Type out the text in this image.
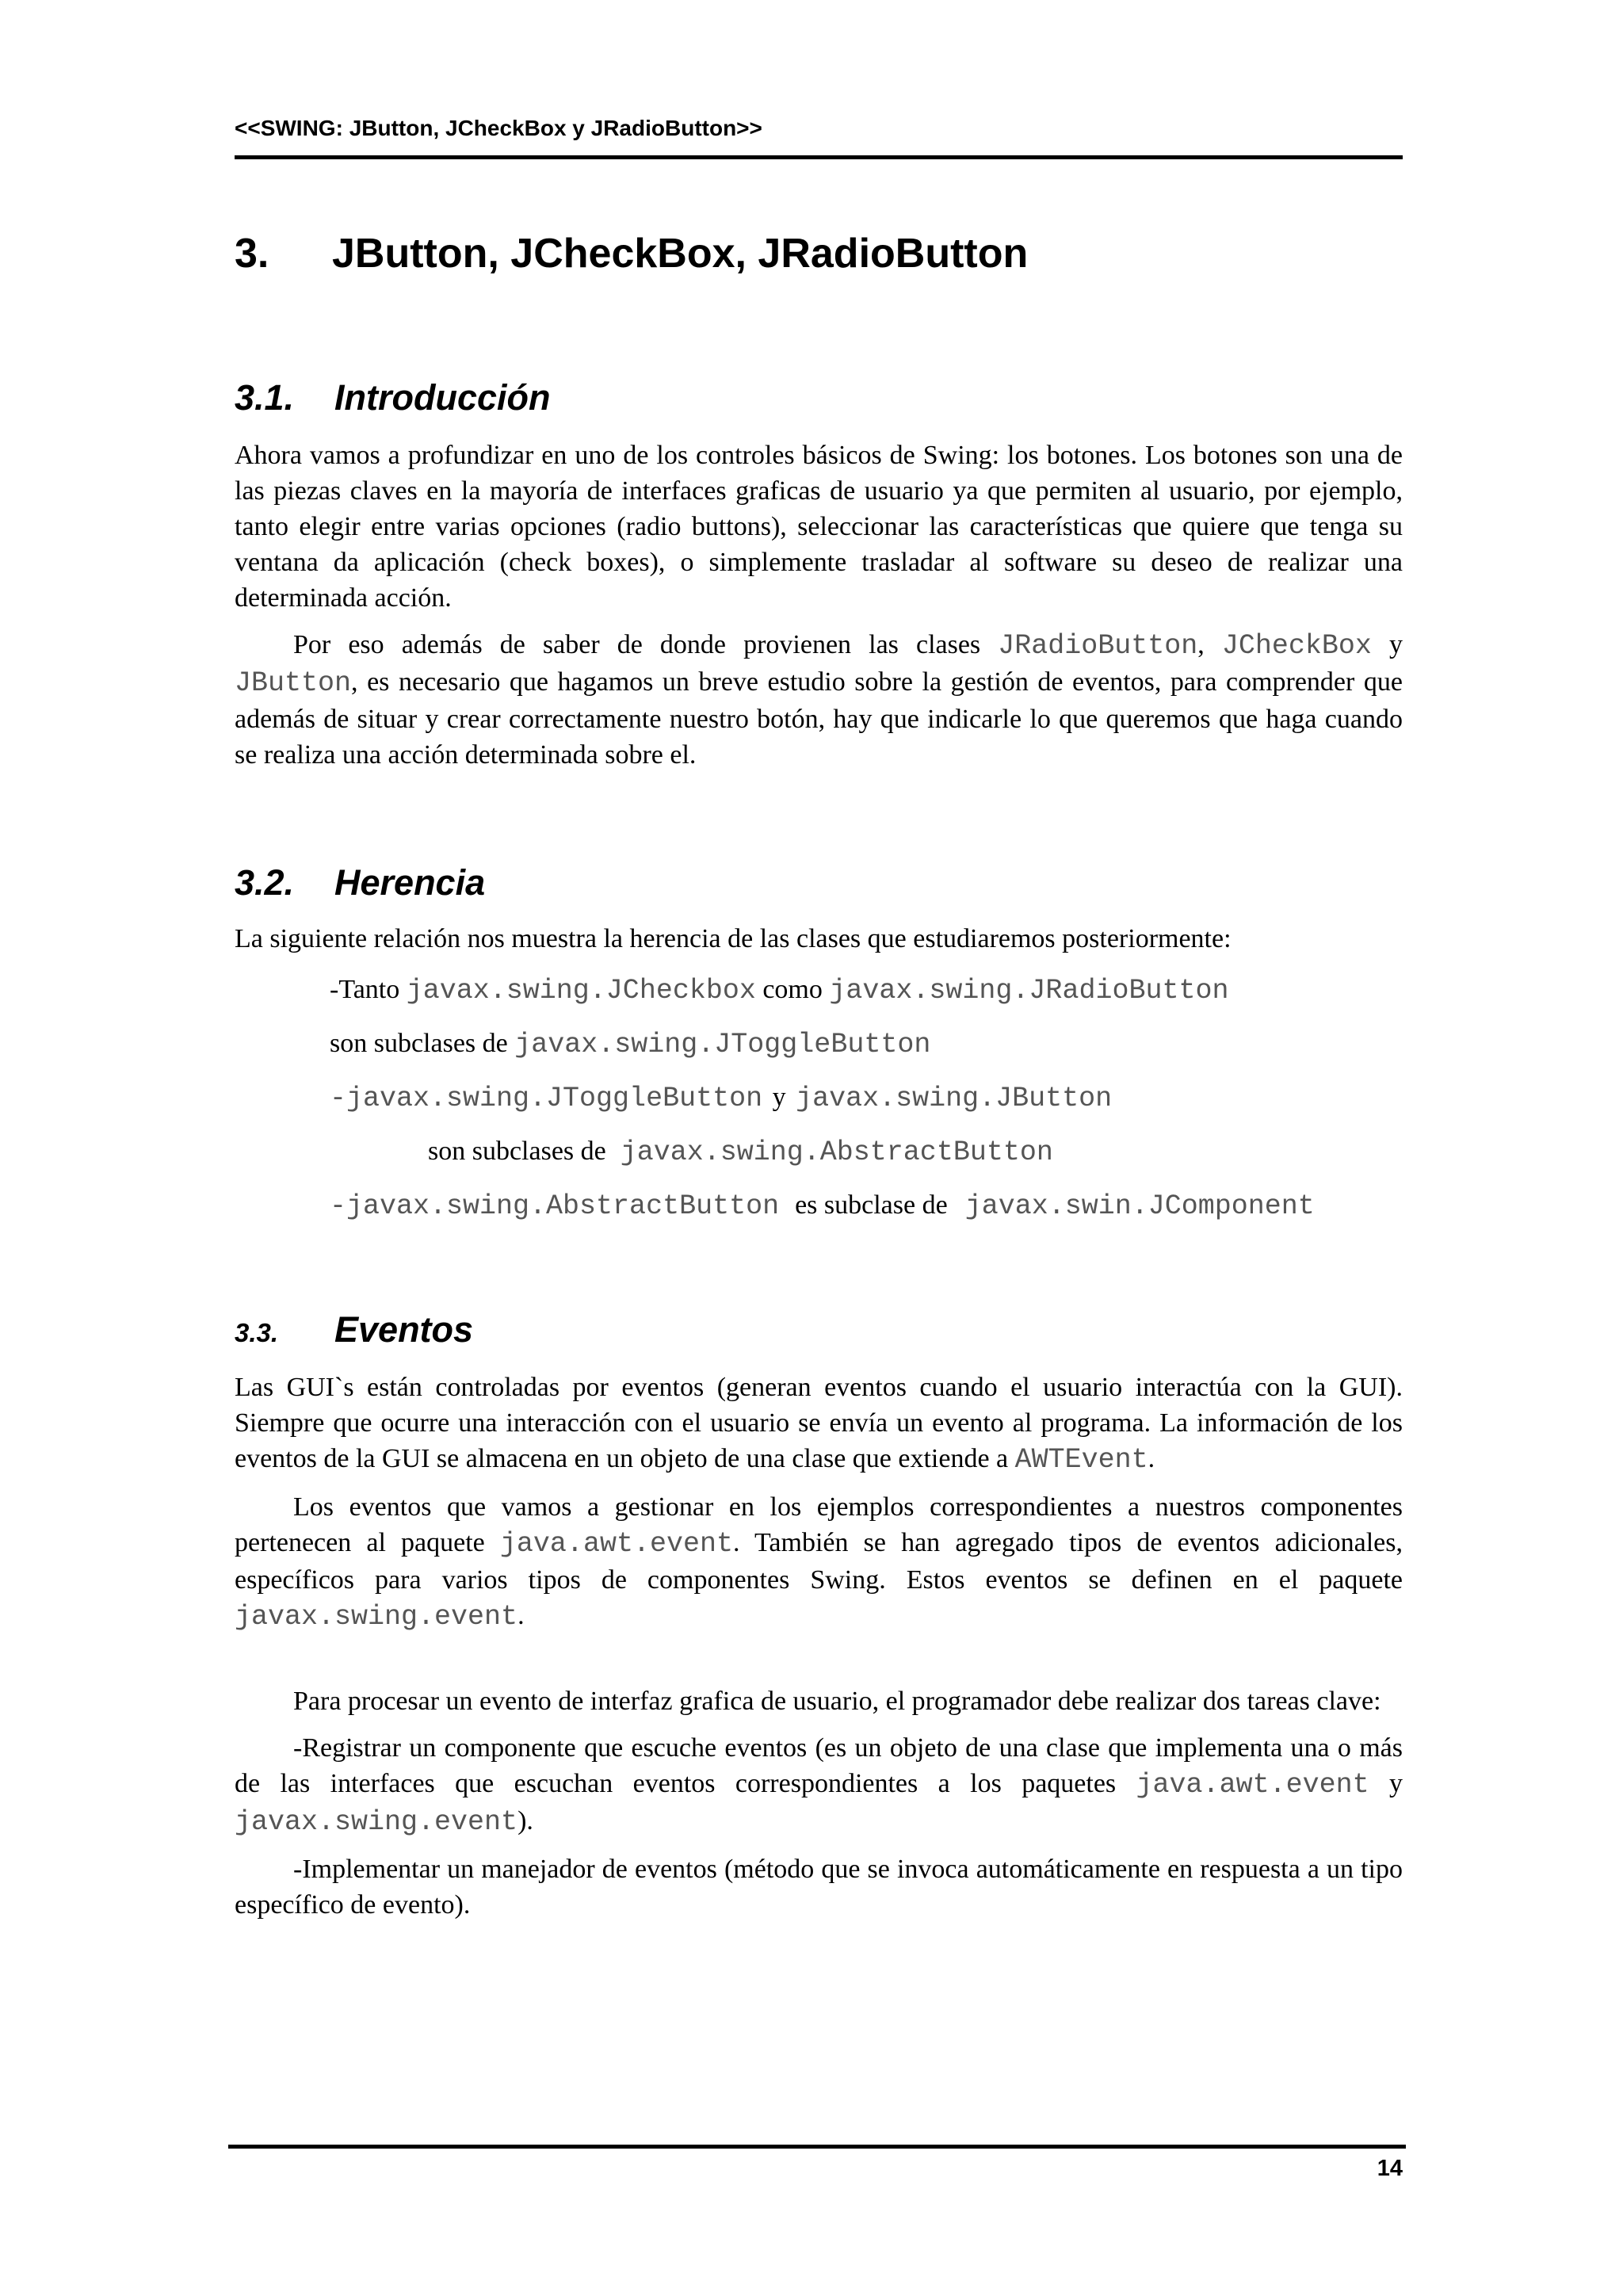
<<SWING: JButton, JCheckBox y JRadioButton>>
3. JButton, JCheckBox, JRadioButton
3.1. Introducción

Ahora vamos a profundizar en uno de los controles básicos de Swing: los botones. Los botones son una de las piezas claves en la mayoría de interfaces graficas de usuario ya que permiten al usuario, por ejemplo, tanto elegir entre varias opciones (radio buttons), seleccionar las características que quiere que tenga su ventana da aplicación (check boxes), o simplemente trasladar al software su deseo de realizar una determinada acción.

Por eso además de saber de donde provienen las clases JRadioButton, JCheckBox y JButton, es necesario que hagamos un breve estudio sobre la gestión de eventos, para comprender que además de situar y crear correctamente nuestro botón, hay que indicarle lo que queremos que haga cuando se realiza una acción determinada sobre el.

3.2. Herencia

La siguiente relación nos muestra la herencia de las clases que estudiaremos posteriormente:

-Tanto javax.swing.JCheckbox como javax.swing.JRadioButton
son subclases de javax.swing.JToggleButton
-javax.swing.JToggleButton y javax.swing.JButton
son subclases de javax.swing.AbstractButton
-javax.swing.AbstractButton es subclase de javax.swin.JComponent
3.3. Eventos

Las GUI`s están controladas por eventos (generan eventos cuando el usuario interactúa con la GUI). Siempre que ocurre una interacción con el usuario se envía un evento al programa. La información de los eventos de la GUI se almacena en un objeto de una clase que extiende a AWTEvent.

Los eventos que vamos a gestionar en los ejemplos correspondientes a nuestros componentes pertenecen al paquete java.awt.event. También se han agregado tipos de eventos adicionales, específicos para varios tipos de componentes Swing. Estos eventos se definen en el paquete javax.swing.event.

Para procesar un evento de interfaz grafica de usuario, el programador debe realizar dos tareas clave:

-Registrar un componente que escuche eventos (es un objeto de una clase que implementa una o más de las interfaces que escuchan eventos correspondientes a los paquetes java.awt.event y javax.swing.event).

-Implementar un manejador de eventos (método que se invoca automáticamente en respuesta a un tipo específico de evento).

14
